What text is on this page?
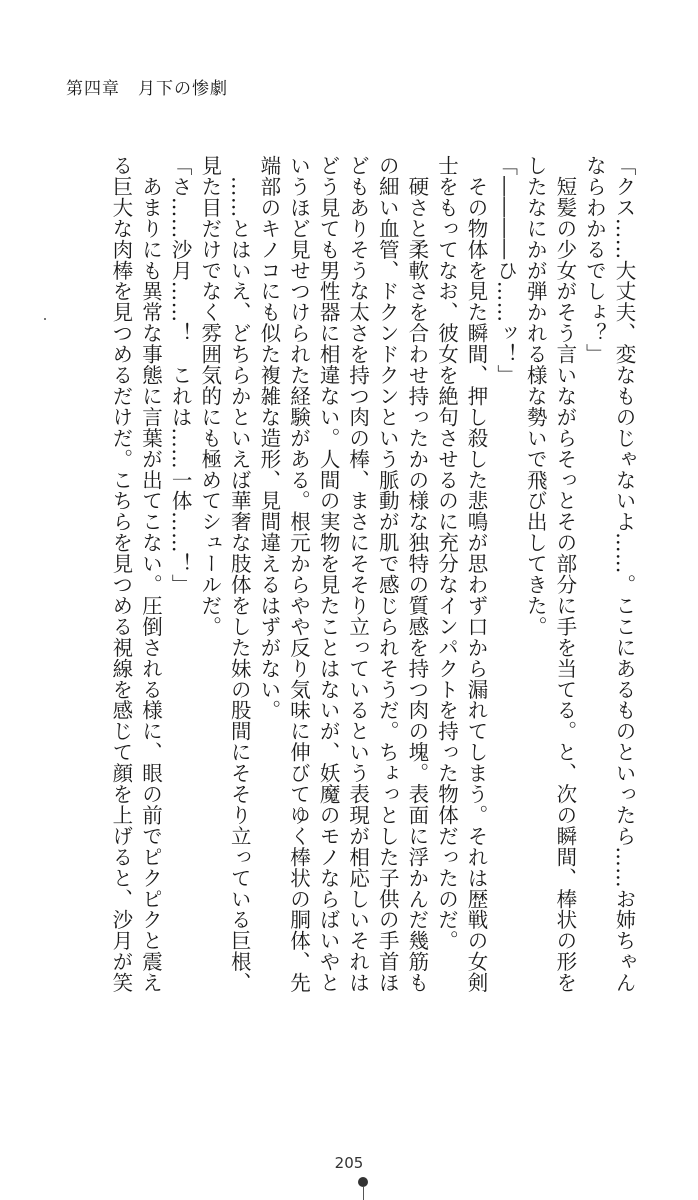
第四章　月下の惨劇
「クス……大丈夫、変なものじゃないよ……。ここにあるものといったら……お姉ちゃん
ならわかるでしょ？」
　短髪の少女がそう言いながらそっとその部分に手を当てる。と、次の瞬間、棒状の形を
したなにかが弾かれる様な勢いで飛び出してきた。
「――――ひ……ッ！」
　その物体を見た瞬間、押し殺した悲鳴が思わず口から漏れてしまう。それは歴戦の女剣
士をもってなお、彼女を絶句させるのに充分なインパクトを持った物体だったのだ。
　硬さと柔軟さを合わせ持ったかの様な独特の質感を持つ肉の塊。表面に浮かんだ幾筋も
の細い血管、ドクンドクンという脈動が肌で感じられそうだ。ちょっとした子供の手首ほ
どもありそうな太さを持つ肉の棒、まさにそそり立っているという表現が相応しいそれは
どう見ても男性器に相違ない。人間の実物を見たことはないが、妖魔のモノならばいやと
いうほど見せつけられた経験がある。根元からやや反り気味に伸びてゆく棒状の胴体、先
端部のキノコにも似た複雑な造形、見間違えるはずがない。
　……とはいえ、どちらかといえば華奢な肢体をした妹の股間にそそり立っている巨根、
見た目だけでなく雰囲気的にも極めてシュールだ。
「さ……沙月……！　これは……一体……！」
　あまりにも異常な事態に言葉が出てこない。圧倒される様に、眼の前でピクピクと震え
る巨大な肉棒を見つめるだけだ。こちらを見つめる視線を感じて顔を上げると、沙月が笑
205
